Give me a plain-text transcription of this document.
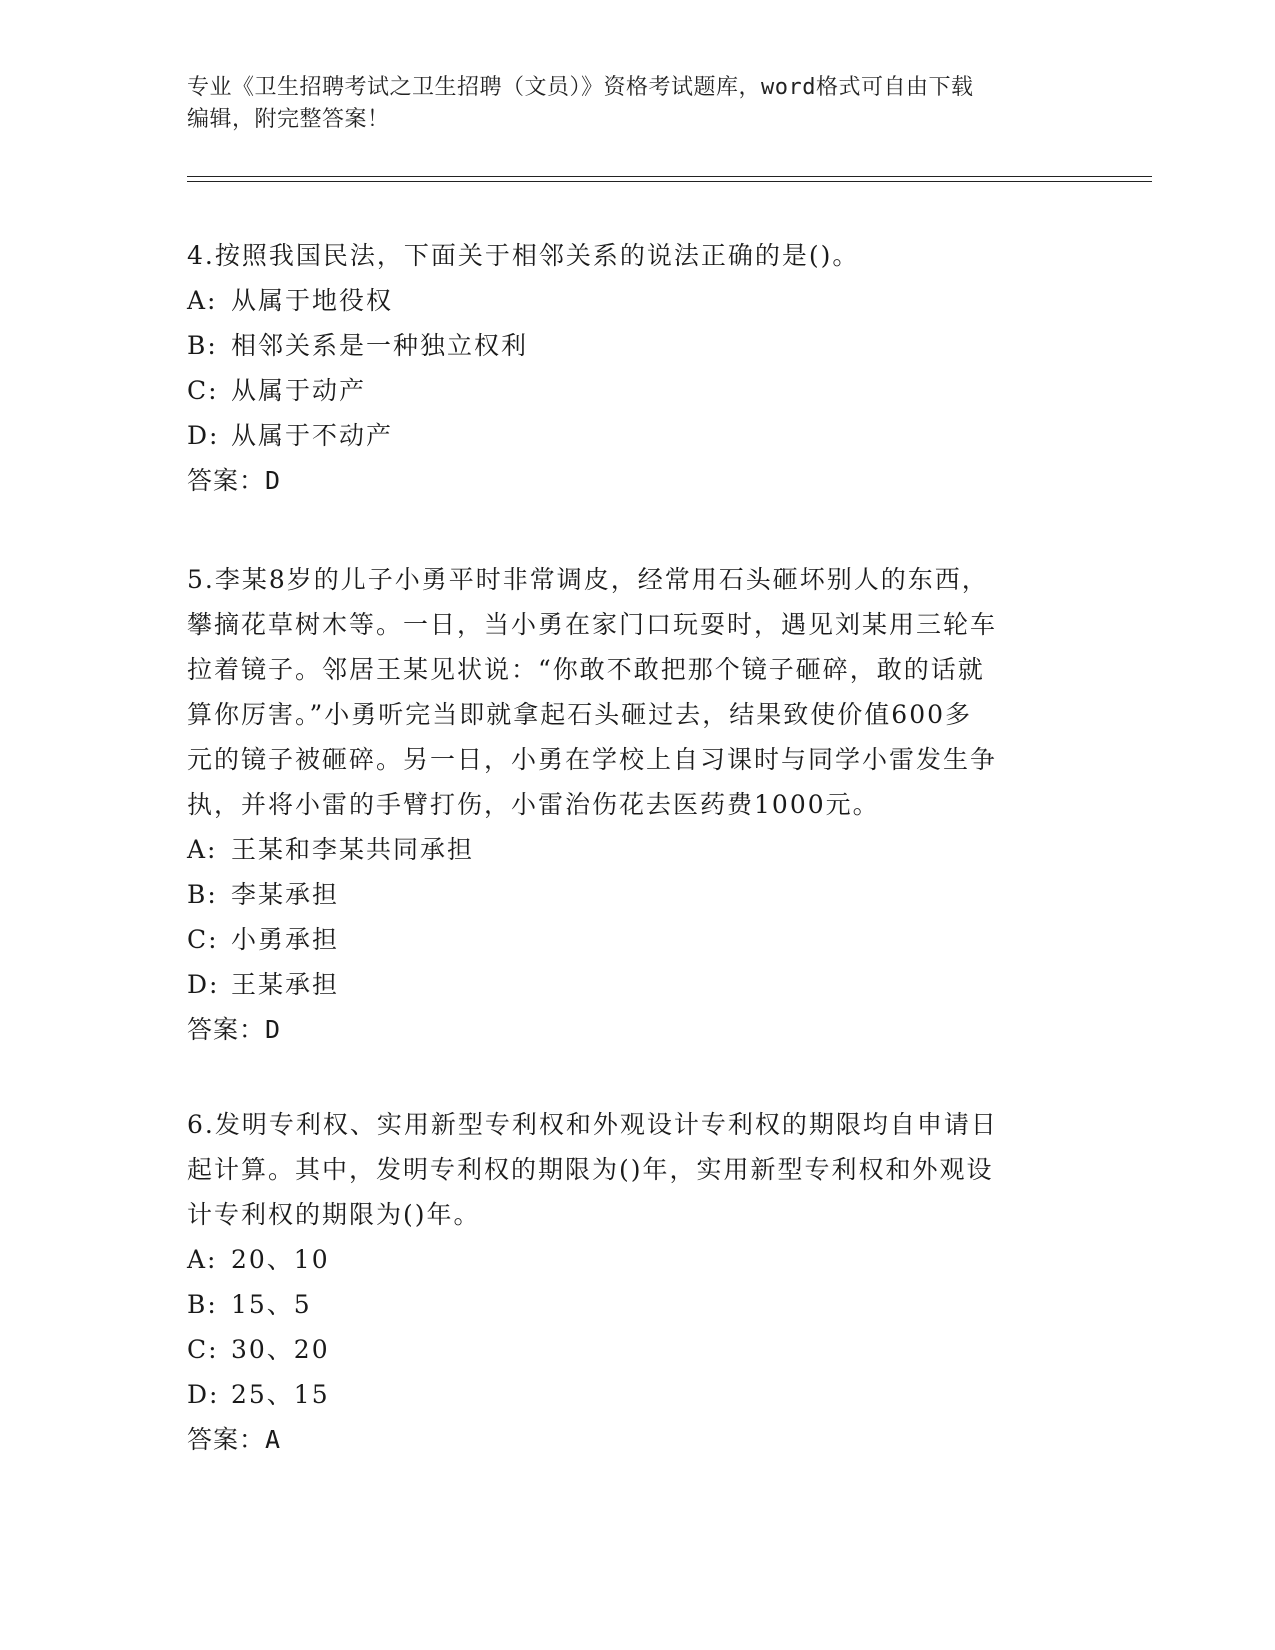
专业《卫生招聘考试之卫生招聘（文员）》资格考试题库，word格式可自由下载
编辑，附完整答案！

4.按照我国民法，下面关于相邻关系的说法正确的是()。

A: 从属于地役权

B: 相邻关系是一种独立权利

C: 从属于动产

D: 从属于不动产

答案：D

5.李某8岁的儿子小勇平时非常调皮，经常用石头砸坏别人的东西，

攀摘花草树木等。一日，当小勇在家门口玩耍时，遇见刘某用三轮车

拉着镜子。邻居王某见状说：“你敢不敢把那个镜子砸碎，敢的话就

算你厉害。”小勇听完当即就拿起石头砸过去，结果致使价值600多

元的镜子被砸碎。另一日，小勇在学校上自习课时与同学小雷发生争

执，并将小雷的手臂打伤，小雷治伤花去医药费1000元。

A: 王某和李某共同承担

B: 李某承担

C: 小勇承担

D: 王某承担

答案：D

6.发明专利权、实用新型专利权和外观设计专利权的期限均自申请日

起计算。其中，发明专利权的期限为()年，实用新型专利权和外观设

计专利权的期限为()年。

A: 20、10

B: 15、5

C: 30、20

D: 25、15

答案：A
